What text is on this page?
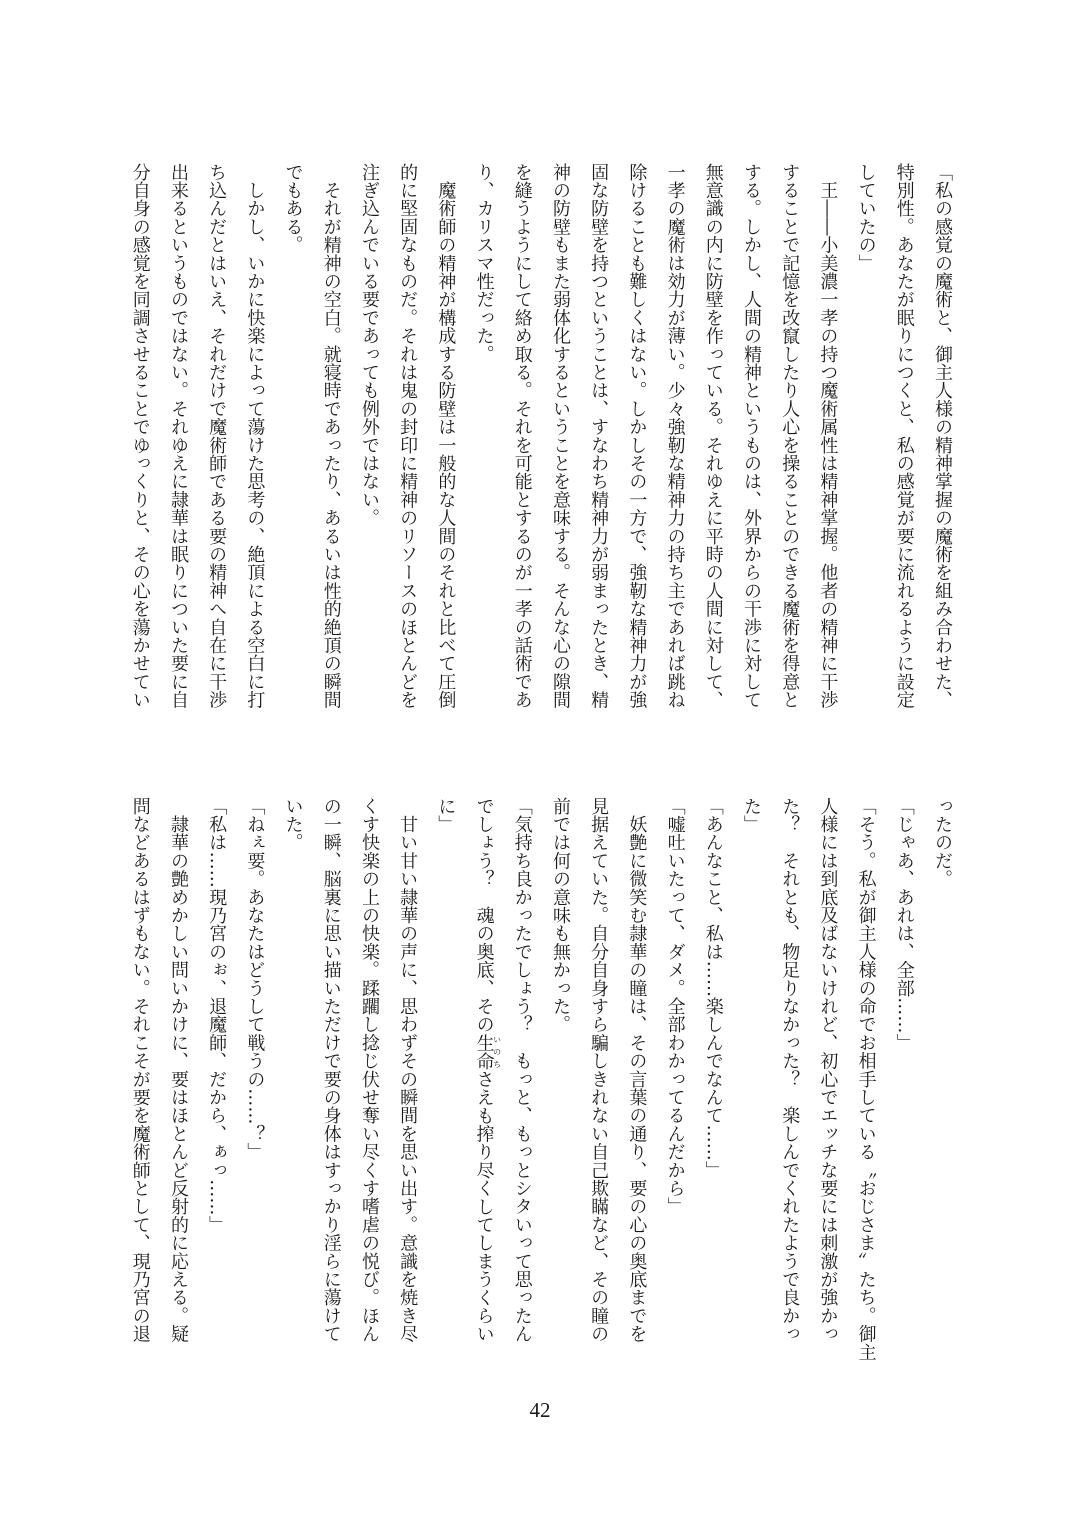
「私の感覚の魔術と、御主人様の精神掌握の魔術を組み合わせた、
特別性。あなたが眠りにつくと、私の感覚が要に流れるように設定
していたの」
　王――小美濃一孝の持つ魔術属性は精神掌握。他者の精神に干渉
することで記憶を改竄したり人心を操ることのできる魔術を得意と
する。しかし、人間の精神というものは、外界からの干渉に対して
無意識の内に防壁を作っている。それゆえに平時の人間に対して、
一孝の魔術は効力が薄い。少々強靭な精神力の持ち主であれば跳ね
除けることも難しくはない。しかしその一方で、強靭な精神力が強
固な防壁を持つということは、すなわち精神力が弱まったとき、精
神の防壁もまた弱体化するということを意味する。そんな心の隙間
を縫うようにして絡め取る。それを可能とするのが一孝の話術であ
り、カリスマ性だった。
　魔術師の精神が構成する防壁は一般的な人間のそれと比べて圧倒
的に堅固なものだ。それは鬼の封印に精神のリソースのほとんどを
注ぎ込んでいる要であっても例外ではない。
　それが精神の空白。就寝時であったり、あるいは性的絶頂の瞬間
でもある。
　しかし、いかに快楽によって蕩けた思考の、絶頂による空白に打
ち込んだとはいえ、それだけで魔術師である要の精神へ自在に干渉
出来るというものではない。それゆえに隷華は眠りについた要に自
分自身の感覚を同調させることでゆっくりと、その心を蕩かせてい
ったのだ。
「じゃあ、あれは、全部……」
「そう。私が御主人様の命でお相手している〝おじさま〟たち。御主
人様には到底及ばないけれど、初心でエッチな要には刺激が強かっ
た？　それとも、物足りなかった？　楽しんでくれたようで良かっ
た」
「あんなこと、私は……楽しんでなんて……」
「嘘吐いたって、ダメ。全部わかってるんだから」
　妖艶に微笑む隷華の瞳は、その言葉の通り、要の心の奥底までを
見据えていた。自分自身すら騙しきれない自己欺瞞など、その瞳の
前では何の意味も無かった。
「気持ち良かったでしょう？　もっと、もっとシタいって思ったん
でしょう？　魂の奥底、その生命いのちさえも搾り尽くしてしまうくらい
に」
　甘い甘い隷華の声に、思わずその瞬間を思い出す。意識を焼き尽
くす快楽の上の快楽。蹂躙し捻じ伏せ奪い尽くす嗜虐の悦び。ほん
の一瞬、脳裏に思い描いただけで要の身体はすっかり淫らに蕩けて
いた。
「ねぇ要。あなたはどうして戦うの……？」
「私は……現乃宮のぉ、退魔師、だから、ぁっ……」
　隷華の艶めかしい問いかけに、要はほとんど反射的に応える。疑
問などあるはずもない。それこそが要を魔術師として、現乃宮の退
42
